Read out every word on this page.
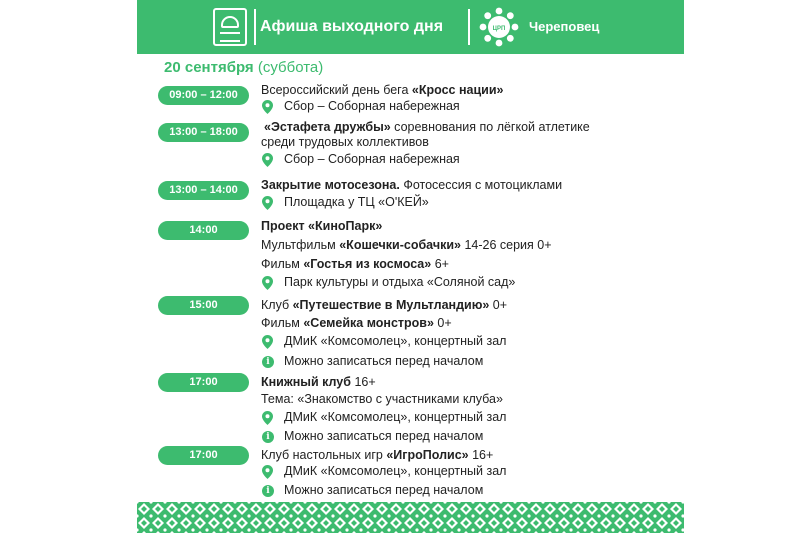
Афиша выходного дня	ЦРП Череповец
20 сентября (суббота)
09:00 – 12:00	Всероссийский день бега «Кросс нации»
Сбор – Соборная набережная
13:00 – 18:00	«Эстафета дружбы» соревнования по лёгкой атлетике
среди трудовых коллективов
Сбор – Соборная набережная
13:00 – 14:00	Закрытие мотосезона. Фотосессия с мотоциклами
Площадка у ТЦ «О'КЕЙ»
14:00	Проект «КиноПарк»
Мультфильм «Кошечки-собачки» 14-26 серия 0+
Фильм «Гостья из космоса» 6+
Парк культуры и отдыха «Соляной сад»
15:00	Клуб «Путешествие в Мультландию» 0+
Фильм «Семейка монстров» 0+
ДМиК «Комсомолец», концертный зал
i	Можно записаться перед началом
17:00	Книжный клуб 16+
Тема: «Знакомство с участниками клуба»
ДМиК «Комсомолец», концертный зал
i	Можно записаться перед началом
17:00	Клуб настольных игр «ИгроПолис» 16+
ДМиК «Комсомолец», концертный зал
i	Можно записаться перед началом
